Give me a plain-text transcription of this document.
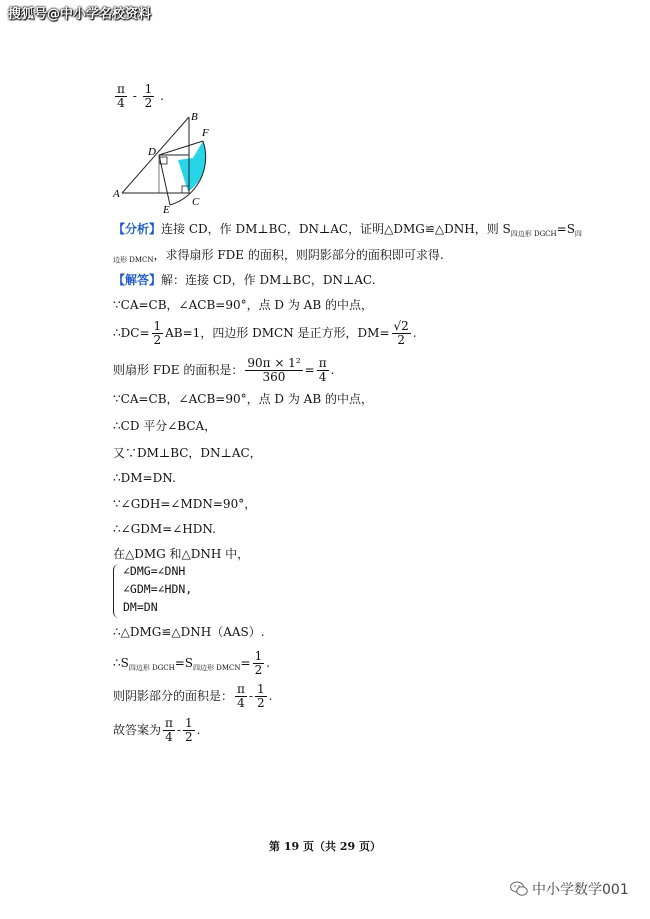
搜狐号@中小学名校资料
$\frac{\pi}{4} - \frac{1}{2}$ .
A
B
C
D
E
F
【分析】连接 CD，作 DM⊥BC，DN⊥AC，证明△DMG≌△DNH，则 $S_{四边形 DGCH}=S_四$
$_{边形 DMCN}$，求得扇形 FDE 的面积，则阴影部分的面积即可求得.
【解答】解：连接 CD，作 DM⊥BC，DN⊥AC.
∵CA=CB，∠ACB=90°，点 D 为 AB 的中点，
∴DC= $\frac{1}{2} AB=1$，四边形 DMCN 是正方形，$DM= \frac{√2}{2}$ .
则扇形 FDE 的面积是： $\frac{\text{90π × 1²}}{360} = \frac{\pi}{4}$ .
∵CA=CB，∠ACB=90°，点 D 为 AB 的中点，
∴CD 平分∠BCA，
又∵DM⊥BC，DN⊥AC，
∴DM=DN.
∵∠GDH=∠MDN=90°，
∴∠GDM=∠HDN.
在△DMG 和△DNH 中，
∠DMG=∠DNH
∠GDM=∠HDN,
DM=DN
∴△DMG≌△DNH（AAS）.
$\therefore S_{四边形 DGCH}=S_{四边形 DMCN}= \frac{1}{2}$ .
则阴影部分的面积是： $\frac{\pi}{4} - \frac{1}{2}$ .
故答案为 $\frac{\pi}{4} - \frac{1}{2}$ .
第 19 页（共 29 页）
中小学数学001
